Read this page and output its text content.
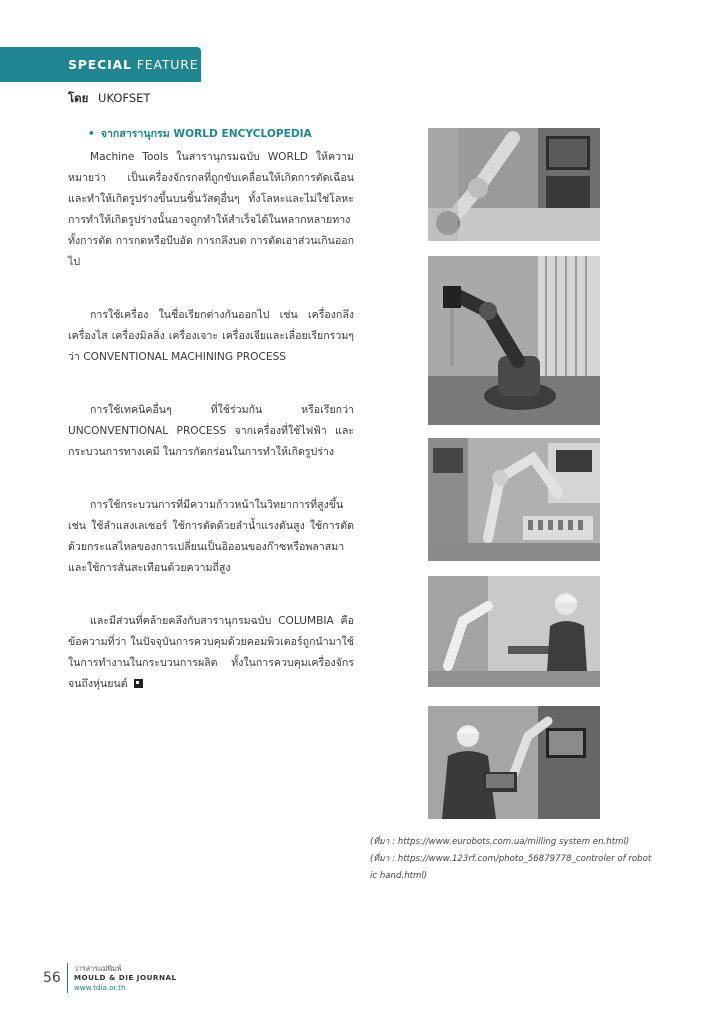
SPECIAL FEATURE
โดย UKOFSET
• จากสารานุกรม WORLD ENCYCLOPEDIA

Machine Tools ในสารานุกรมฉบับ WORLD ให้ความหมายว่า เป็นเครื่องจักรกลที่ถูกขับเคลื่อนให้เกิดการตัดเฉือนและทำให้เกิดรูปร่างขึ้นบนชิ้นวัสดุอื่นๆ ทั้งโลหะและไม่ใช่โลหะ การทำให้เกิดรูปร่างนั้นอาจถูกทำให้สำเร็จได้ในหลากหลายทาง ทั้งการตัด การกดหรือบีบอัด การกลึงบด การตัดเอาส่วนเกินออกไป

การใช้เครื่อง ในชื่อเรียกต่างกันออกไป เช่น เครื่องกลึง เครื่องไส เครื่องมิลลิ่ง เครื่องเจาะ เครื่องเจียและเลื่อยเรียกรวมๆว่า CONVENTIONAL MACHINING PROCESS

การใช้เทคนิคอื่นๆ ที่ใช้ร่วมกัน หรือเรียกว่า UNCONVENTIONAL PROCESS จากเครื่องที่ใช้ไฟฟ้า และกระบวนการทางเคมี ในการกัดกร่อนในการทำให้เกิดรูปร่าง

การใช้กระบวนการที่มีความก้าวหน้าในวิทยาการที่สูงขึ้น เช่น ใช้ลำแสงเลเซอร์ ใช้การตัดด้วยลำน้ำแรงดันสูง ใช้การตัดด้วยกระแสไหลของการเปลี่ยนเป็นอิออนของก๊าซหรือพลาสมา และใช้การสั่นสะเทือนด้วยความถี่สูง

และมีส่วนที่คล้ายคลึงกับสารานุกรมฉบับ COLUMBIA คือข้อความที่ว่า ในปัจจุบันการควบคุมด้วยคอมพิวเตอร์ถูกนำมาใช้ในการทำงานในกระบวนการผลิต ทั้งในการควบคุมเครื่องจักรจนถึงหุ่นยนต์

(ที่มา : https://www.eurobots.com.ua/milling system en.html)
(ที่มา : https://www.123rf.com/photo_56879778_controler of robot ic hand.html)
56
วารสารแม่พิมพ์
MOULD & DIE JOURNAL
www.tdia.or.th
